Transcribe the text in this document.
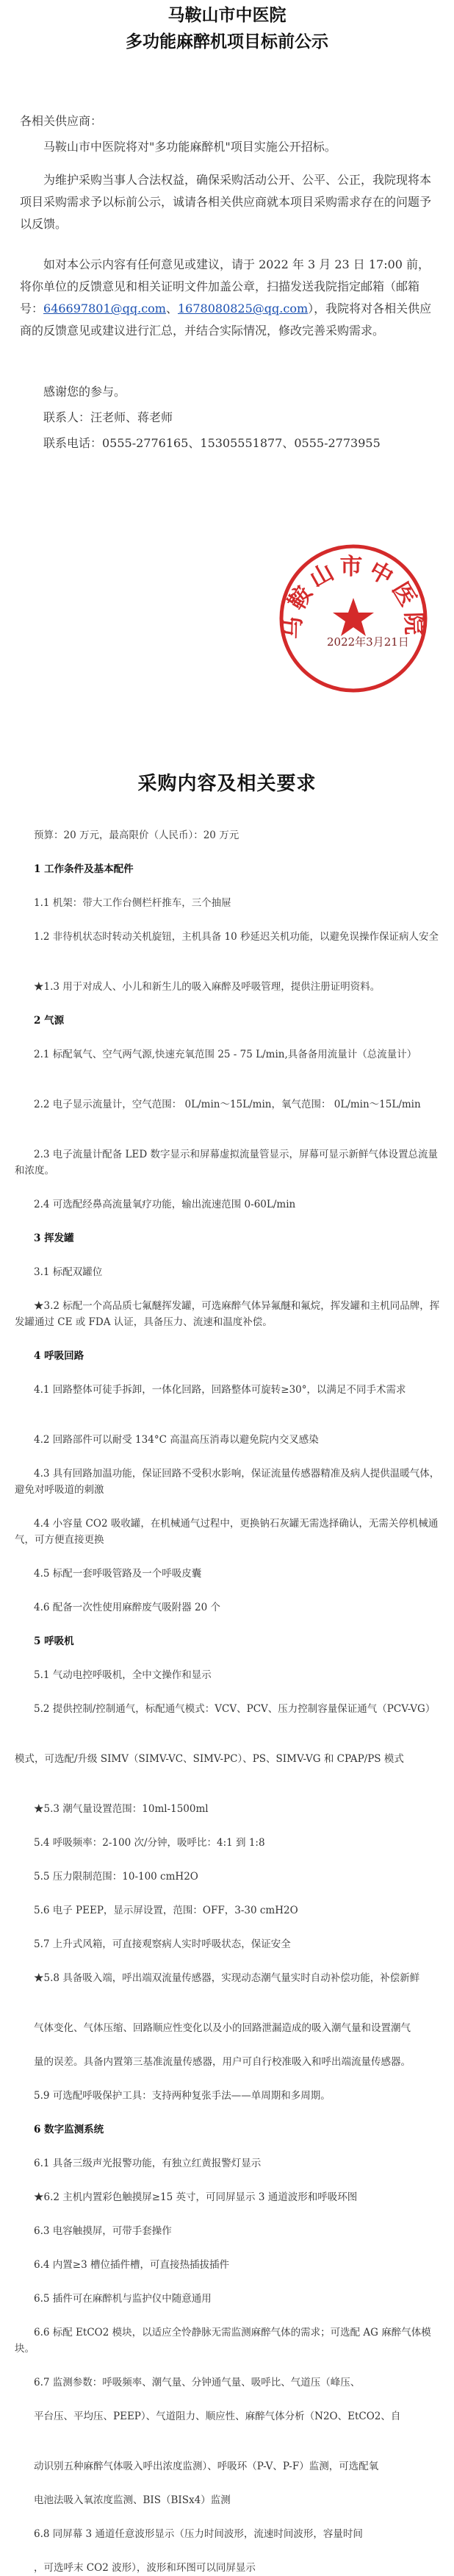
马鞍山市中医院
多功能麻醉机项目标前公示

各相关供应商：

马鞍山市中医院将对"多功能麻醉机"项目实施公开招标。

为维护采购当事人合法权益，确保采购活动公开、公平、公正，我院现将本项目采购需求予以标前公示，诚请各相关供应商就本项目采购需求存在的问题予以反馈。

如对本公示内容有任何意见或建议，请于 2022 年 3 月 23 日 17:00 前，将你单位的反馈意见和相关证明文件加盖公章，扫描发送我院指定邮箱（邮箱号：646697801@qq.com、1678080825@qq.com），我院将对各相关供应商的反馈意见或建议进行汇总，并结合实际情况，修改完善采购需求。

感谢您的参与。

联系人：汪老师、蒋老师

联系电话：0555-2776165、15305551877、0555-2773955

马鞍山市中医院
2022年3月21日
采购内容及相关要求

预算：20 万元，最高限价（人民币）：20 万元

1 工作条件及基本配件

1.1 机架：带大工作台侧栏杆推车，三个抽屉

1.2 非待机状态时转动关机旋钮，主机具备 10 秒延迟关机功能，以避免误操作保证病人安全

★1.3 用于对成人、小儿和新生儿的吸入麻醉及呼吸管理，提供注册证明资料。

2 气源

2.1 标配氧气、空气两气源,快速充氧范围 25 - 75 L/min,具备备用流量计（总流量计）

2.2 电子显示流量计，空气范围： 0L/min～15L/min，氧气范围： 0L/min～15L/min

2.3 电子流量计配备 LED 数字显示和屏幕虚拟流量管显示，屏幕可显示新鲜气体设置总流量和浓度。

2.4 可选配经鼻高流量氧疗功能，输出流速范围 0-60L/min

3 挥发罐

3.1 标配双罐位

★3.2 标配一个高品质七氟醚挥发罐，可选麻醉气体异氟醚和氟烷，挥发罐和主机同品牌，挥发罐通过 CE 或 FDA 认证，具备压力、流速和温度补偿。

4 呼吸回路

4.1 回路整体可徒手拆卸，一体化回路，回路整体可旋转≥30°，以满足不同手术需求

4.2 回路部件可以耐受 134°C 高温高压消毒以避免院内交叉感染

4.3 具有回路加温功能，保证回路不受积水影响，保证流量传感器精准及病人提供温暖气体，避免对呼吸道的刺激

4.4 小容量 CO2 吸收罐，在机械通气过程中，更换钠石灰罐无需选择确认，无需关停机械通气，可方便直接更换

4.5 标配一套呼吸管路及一个呼吸皮囊

4.6 配备一次性使用麻醉废气吸附器 20 个

5 呼吸机

5.1 气动电控呼吸机，全中文操作和显示

5.2 提供控制/控制通气，标配通气模式：VCV、PCV、压力控制容量保证通气（PCV-VG）

模式，可选配/升级 SIMV（SIMV-VC、SIMV-PC）、PS、SIMV-VG 和 CPAP/PS 模式

★5.3 潮气量设置范围：10ml-1500ml

5.4 呼吸频率：2-100 次/分钟，吸呼比：4:1 到 1:8

5.5 压力限制范围：10-100 cmH2O

5.6 电子 PEEP，显示屏设置，范围：OFF，3-30 cmH2O

5.7 上升式风箱，可直接观察病人实时呼吸状态，保证安全

★5.8 具备吸入端，呼出端双流量传感器，实现动态潮气量实时自动补偿功能，补偿新鲜

气体变化、气体压缩、回路顺应性变化以及小的回路泄漏造成的吸入潮气量和设置潮气

量的误差。具备内置第三基准流量传感器，用户可自行校准吸入和呼出端流量传感器。

5.9 可选配呼吸保护工具：支持两种复张手法——单周期和多周期。

6 数字监测系统

6.1 具备三级声光报警功能，有独立红黄报警灯显示

★6.2 主机内置彩色触摸屏≥15 英寸，可同屏显示 3 通道波形和呼吸环图

6.3 电容触摸屏，可带手套操作

6.4 内置≥3 槽位插件槽，可直接热插拔插件

6.5 插件可在麻醉机与监护仪中随意通用

6.6 标配 EtCO2 模块，以适应全怜静脉无需监测麻醉气体的需求；可选配 AG 麻醉气体模块。

6.7 监测参数：呼吸频率、潮气量、分钟通气量、吸呼比、气道压（峰压、

平台压、平均压、PEEP）、气道阻力、顺应性、麻醉气体分析（N2O、EtCO2、自

动识别五种麻醉气体吸入呼出浓度监测）、呼吸环（P-V、P-F）监测，可选配氧

电池法吸入氧浓度监测、BIS（BISx4）监测

6.8 同屏幕 3 通道任意波形显示（压力时间波形，流速时间波形，容量时间

，可选呼末 CO2 波形），波形和环图可以同屏显示
